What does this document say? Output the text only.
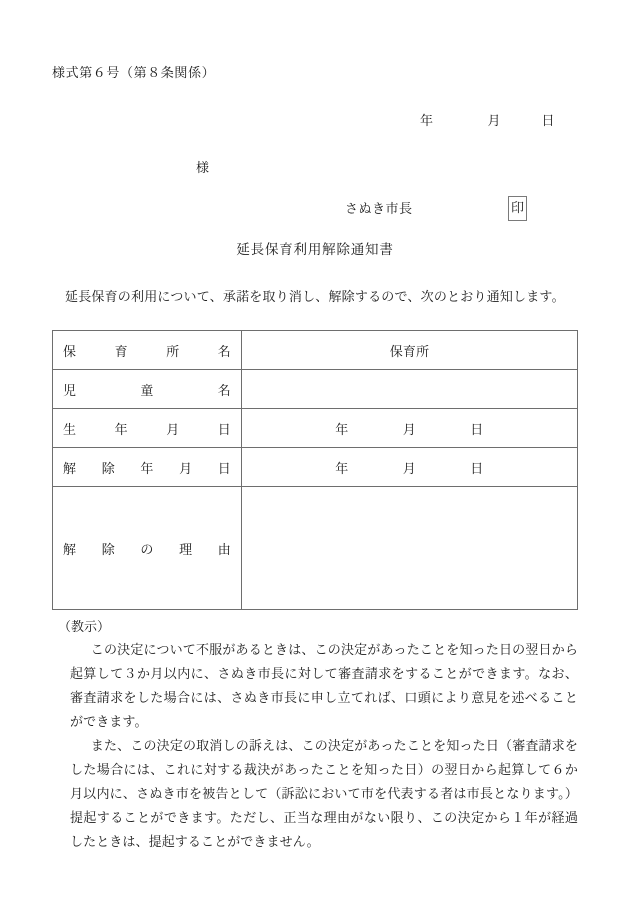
様式第６号（第８条関係）
年　　　　月　　　日
様
さぬき市長	印
延長保育利用解除通知書
延長保育の利用について、承諾を取り消し、解除するので、次のとおり通知します。
保 育 所 名	保育所

児 童 名	

生 年 月 日	年　　　　月　　　　日

解 除 年 月 日	年　　　　月　　　　日

解 除 の 理 由	

（教示）

この決定について不服があるときは、この決定があったことを知った日の翌日から起算して３か月以内に、さぬき市長に対して審査請求をすることができます。なお、審査請求をした場合には、さぬき市長に申し立てれば、口頭により意見を述べることができます。

また、この決定の取消しの訴えは、この決定があったことを知った日（審査請求をした場合には、これに対する裁決があったことを知った日）の翌日から起算して６か月以内に、さぬき市を被告として（訴訟において市を代表する者は市長となります。）提起することができます。ただし、正当な理由がない限り、この決定から１年が経過したときは、提起することができません。
